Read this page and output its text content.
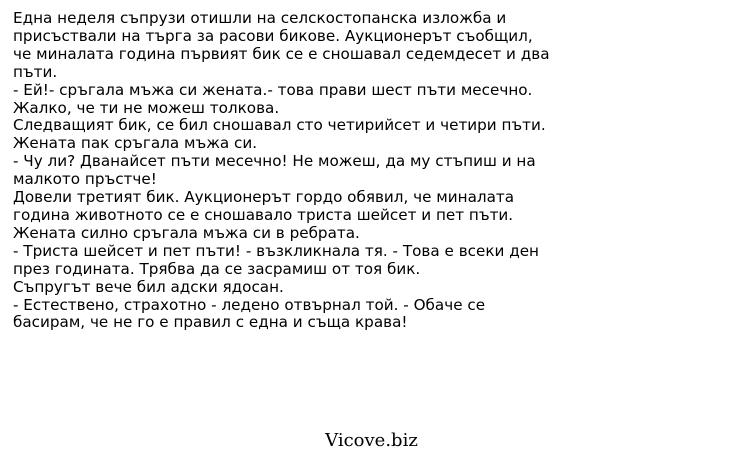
Една неделя съпрузи отишли на селскостопанска изложба и
присъствали на търга за расови бикове. Аукционерът съобщил,
че миналата година първият бик се е сношавал седемдесет и два
пъти.
- Ей!- сръгала мъжа си жената.- това прави шест пъти месечно.
Жалко, че ти не можеш толкова.
Следващият бик, се бил сношавал сто четирийсет и четири пъти.
Жената пак сръгала мъжа си.
- Чу ли? Дванайсет пъти месечно! Не можеш, да му стъпиш и на
малкото пръстче!
Довели третият бик. Аукционерът гордо обявил, че миналата
година животното се е сношавало триста шейсет и пет пъти.
Жената силно сръгала мъжа си в ребрата.
- Триста шейсет и пет пъти! - възкликнала тя. - Това е всеки ден
през годината. Трябва да се засрамиш от тоя бик.
Съпругът вече бил адски ядосан.
- Естествено, страхотно - ледено отвърнал той. - Обаче се
басирам, че не го е правил с една и съща крава!
Vicove.biz
